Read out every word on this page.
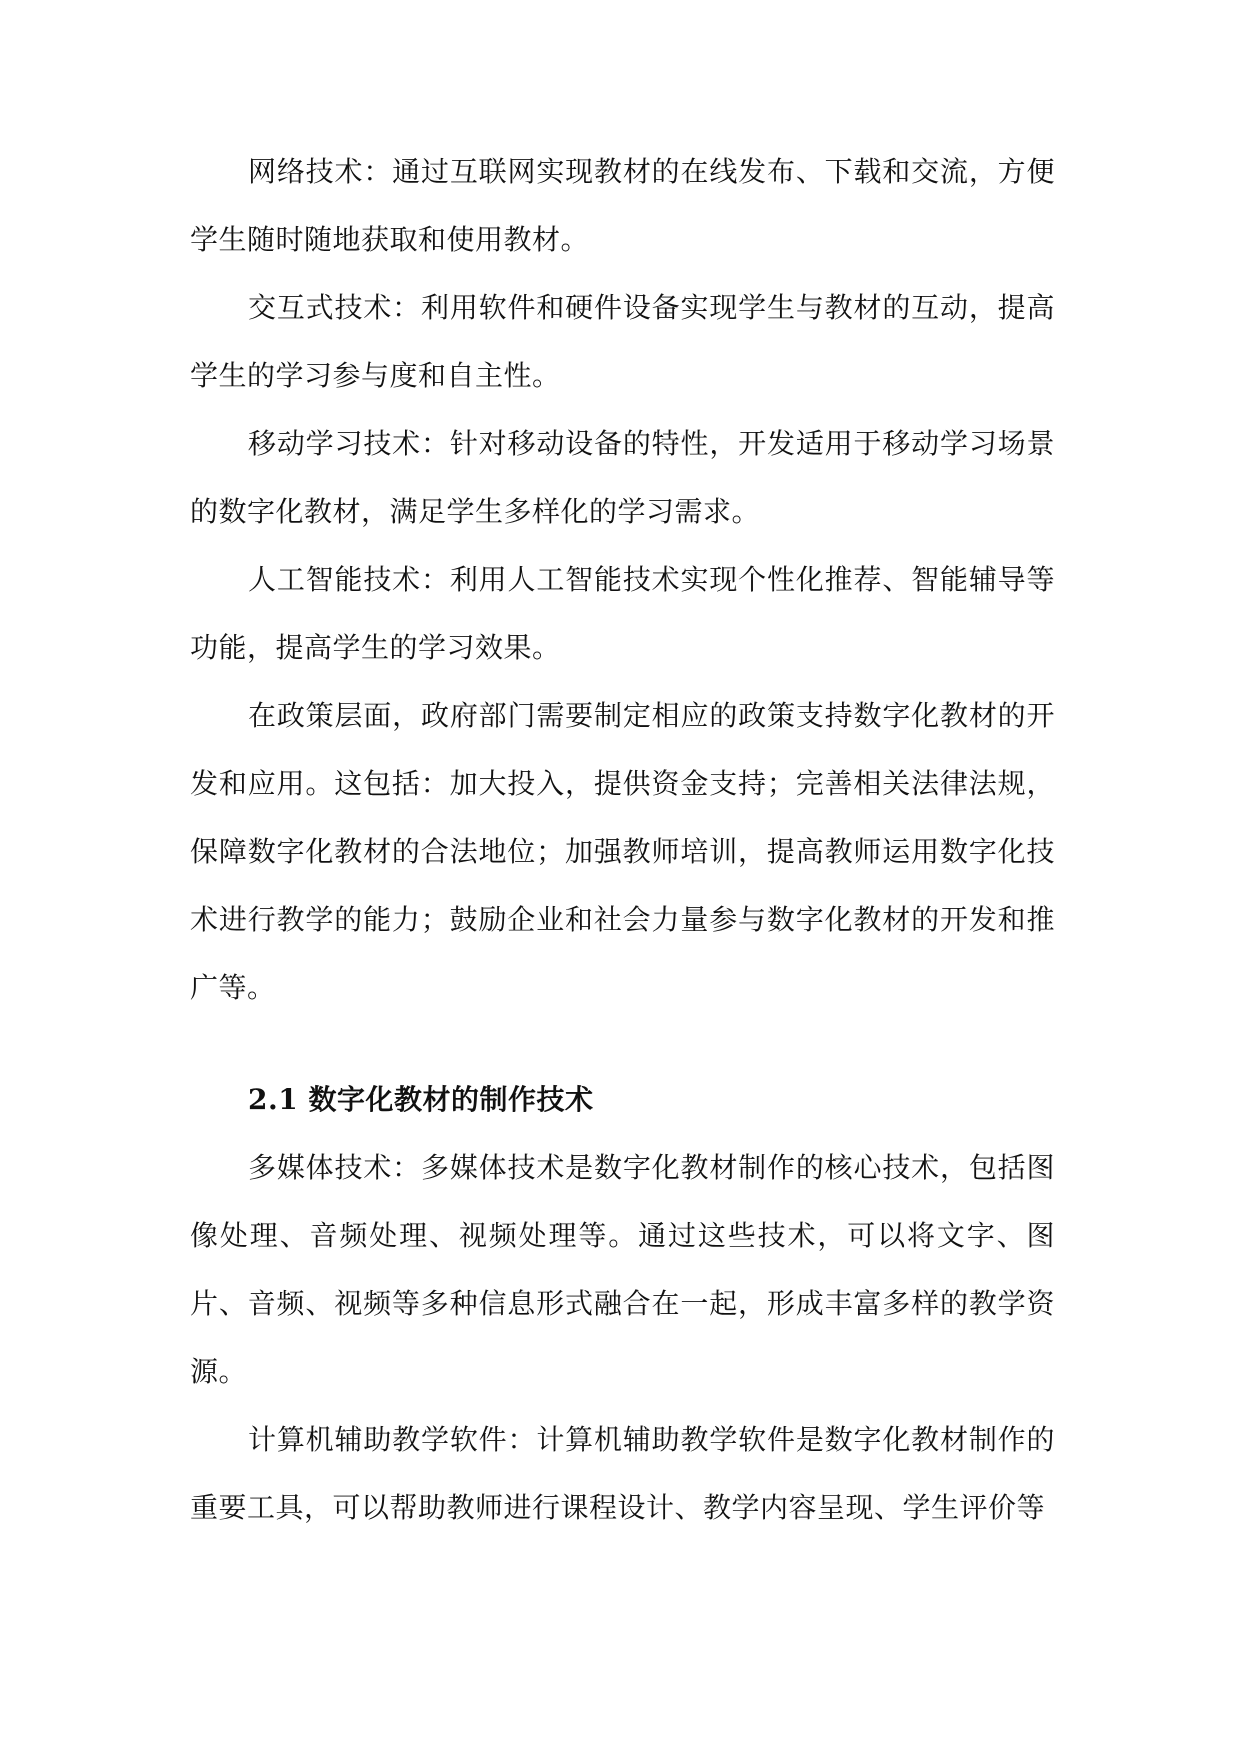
网络技术：通过互联网实现教材的在线发布、下载和交流，方便学生随时随地获取和使用教材。

交互式技术：利用软件和硬件设备实现学生与教材的互动，提高学生的学习参与度和自主性。

移动学习技术：针对移动设备的特性，开发适用于移动学习场景的数字化教材，满足学生多样化的学习需求。

人工智能技术：利用人工智能技术实现个性化推荐、智能辅导等功能，提高学生的学习效果。

在政策层面，政府部门需要制定相应的政策支持数字化教材的开发和应用。这包括：加大投入，提供资金支持；完善相关法律法规，保障数字化教材的合法地位；加强教师培训，提高教师运用数字化技术进行教学的能力；鼓励企业和社会力量参与数字化教材的开发和推广等。

2.1 数字化教材的制作技术

多媒体技术：多媒体技术是数字化教材制作的核心技术，包括图像处理、音频处理、视频处理等。通过这些技术，可以将文字、图片、音频、视频等多种信息形式融合在一起，形成丰富多样的教学资源。

计算机辅助教学软件：计算机辅助教学软件是数字化教材制作的重要工具，可以帮助教师进行课程设计、教学内容呈现、学生评价等
